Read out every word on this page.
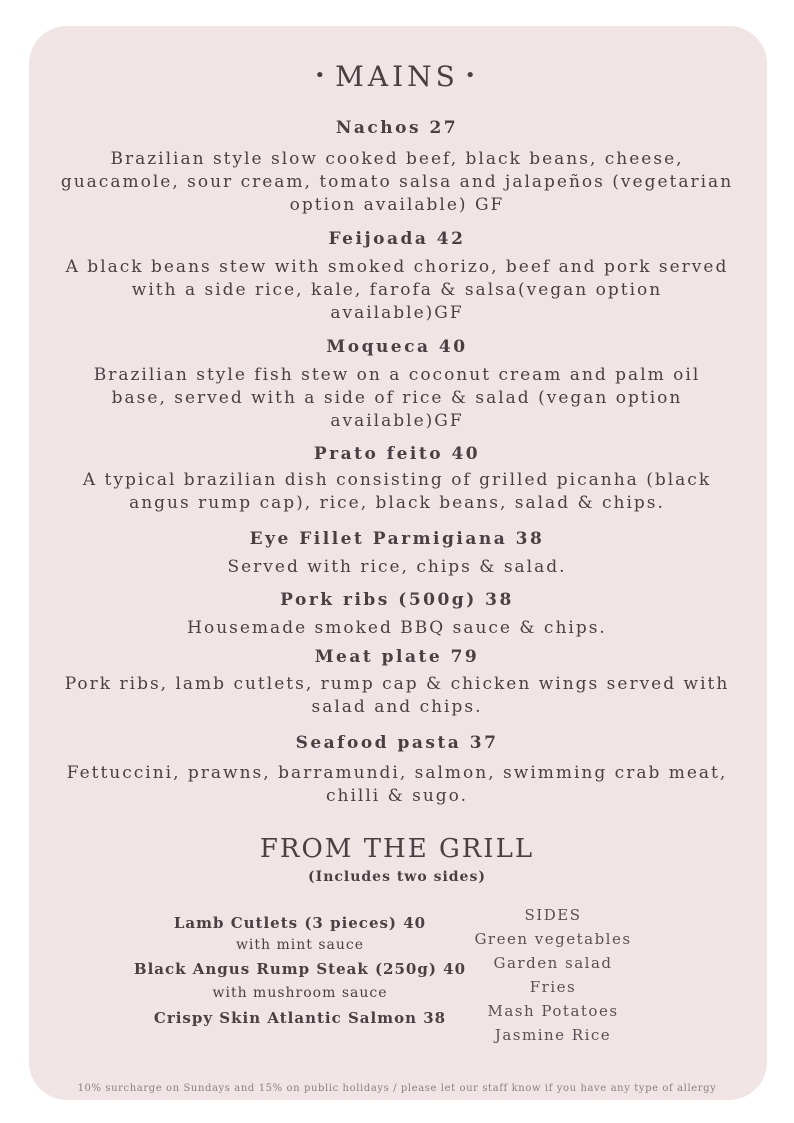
• MAINS •
Nachos 27
Brazilian style slow cooked beef, black beans, cheese,
guacamole, sour cream, tomato salsa and jalapeños (vegetarian
option available) GF
Feijoada 42
A black beans stew with smoked chorizo, beef and pork served
with a side rice, kale, farofa & salsa(vegan option
available)GF
Moqueca 40
Brazilian style fish stew on a coconut cream and palm oil
base, served with a side of rice & salad (vegan option
available)GF
Prato feito 40
A typical brazilian dish consisting of grilled picanha (black
angus rump cap), rice, black beans, salad & chips.
Eye Fillet Parmigiana 38
Served with rice, chips & salad.
Pork ribs (500g) 38
Housemade smoked BBQ sauce & chips.
Meat plate 79
Pork ribs, lamb cutlets, rump cap & chicken wings served with
salad and chips.
Seafood pasta 37
Fettuccini, prawns, barramundi, salmon, swimming crab meat,
chilli & sugo.
FROM THE GRILL
(Includes two sides)
Lamb Cutlets (3 pieces) 40
with mint sauce
Black Angus Rump Steak (250g) 40
with mushroom sauce
Crispy Skin Atlantic Salmon 38
SIDES
Green vegetables
Garden salad
Fries
Mash Potatoes
Jasmine Rice
10% surcharge on Sundays and 15% on public holidays / please let our staff know if you have any type of allergy
